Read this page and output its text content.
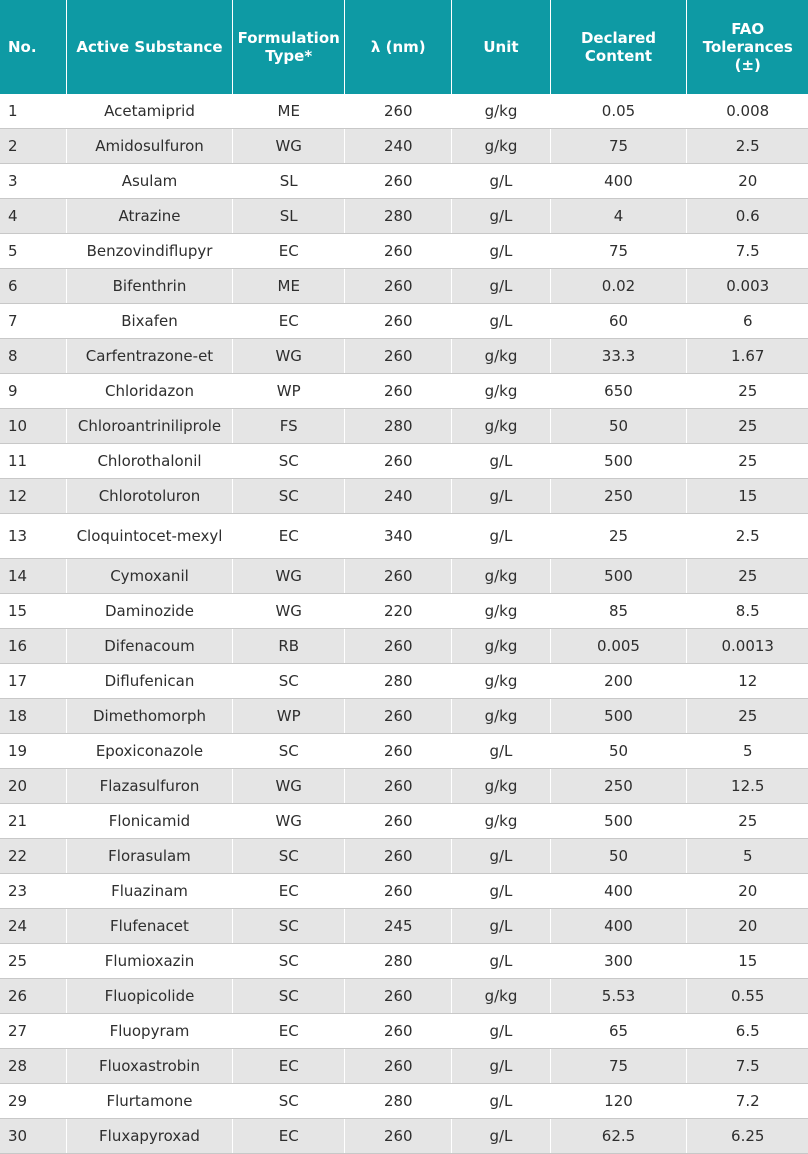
No.	Active Substance	Formulation Type*	λ (nm)	Unit	Declared Content	FAO Tolerances (±)
1	Acetamiprid	ME	260	g/kg	0.05	0.008
2	Amidosulfuron	WG	240	g/kg	75	2.5
3	Asulam	SL	260	g/L	400	20
4	Atrazine	SL	280	g/L	4	0.6
5	Benzovindiflupyr	EC	260	g/L	75	7.5
6	Bifenthrin	ME	260	g/L	0.02	0.003
7	Bixafen	EC	260	g/L	60	6
8	Carfentrazone-et	WG	260	g/kg	33.3	1.67
9	Chloridazon	WP	260	g/kg	650	25
10	Chloroantriniliprole	FS	280	g/kg	50	25
11	Chlorothalonil	SC	260	g/L	500	25
12	Chlorotoluron	SC	240	g/L	250	15
13	Cloquintocet-mexyl	EC	340	g/L	25	2.5
14	Cymoxanil	WG	260	g/kg	500	25
15	Daminozide	WG	220	g/kg	85	8.5
16	Difenacoum	RB	260	g/kg	0.005	0.0013
17	Diflufenican	SC	280	g/kg	200	12
18	Dimethomorph	WP	260	g/kg	500	25
19	Epoxiconazole	SC	260	g/L	50	5
20	Flazasulfuron	WG	260	g/kg	250	12.5
21	Flonicamid	WG	260	g/kg	500	25
22	Florasulam	SC	260	g/L	50	5
23	Fluazinam	EC	260	g/L	400	20
24	Flufenacet	SC	245	g/L	400	20
25	Flumioxazin	SC	280	g/L	300	15
26	Fluopicolide	SC	260	g/kg	5.53	0.55
27	Fluopyram	EC	260	g/L	65	6.5
28	Fluoxastrobin	EC	260	g/L	75	7.5
29	Flurtamone	SC	280	g/L	120	7.2
30	Fluxapyroxad	EC	260	g/L	62.5	6.25
